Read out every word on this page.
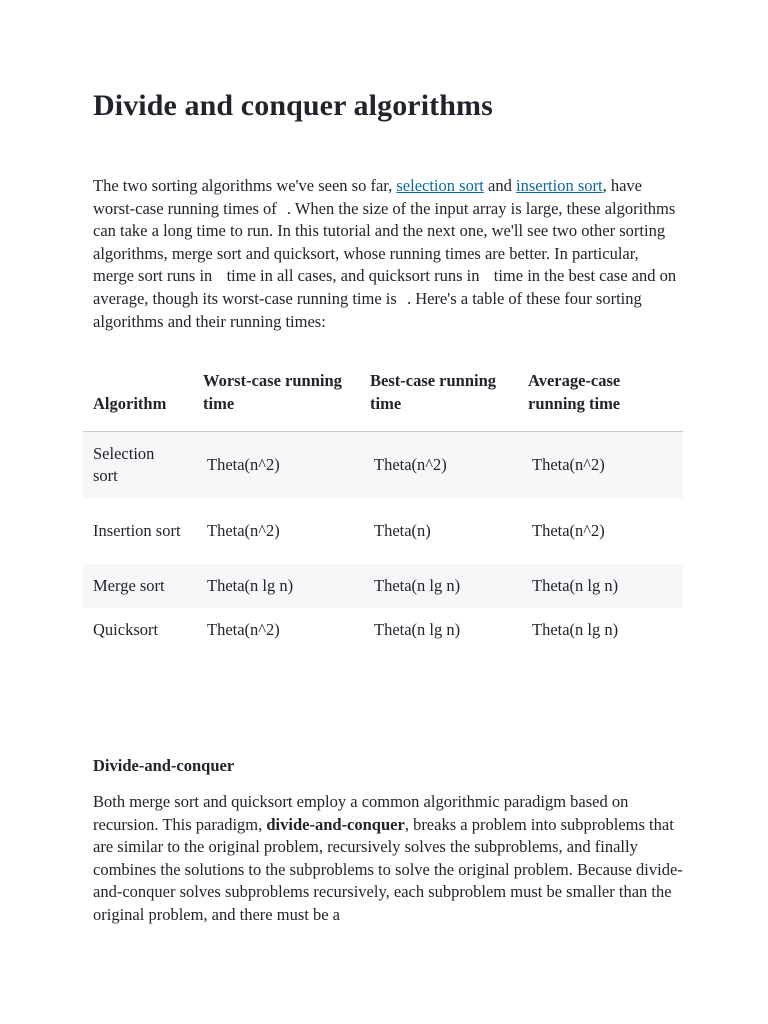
Divide and conquer algorithms

The two sorting algorithms we've seen so far, selection sort and insertion sort, have worst-case running times of . When the size of the input array is large, these algorithms can take a long time to run. In this tutorial and the next one, we'll see two other sorting algorithms, merge sort and quicksort, whose running times are better. In particular, merge sort runs in  time in all cases, and quicksort runs in  time in the best case and on average, though its worst-case running time is . Here's a table of these four sorting algorithms and their running times:

Algorithm	Worst-case running time	Best-case running time	Average-case running time
Selection sort	Theta(n^2)	Theta(n^2)	Theta(n^2)
Insertion sort	Theta(n^2)	Theta(n)	Theta(n^2)
Merge sort	Theta(n lg n)	Theta(n lg n)	Theta(n lg n)
Quicksort	Theta(n^2)	Theta(n lg n)	Theta(n lg n)
Divide-and-conquer

Both merge sort and quicksort employ a common algorithmic paradigm based on recursion. This paradigm, divide-and-conquer, breaks a problem into subproblems that are similar to the original problem, recursively solves the subproblems, and finally combines the solutions to the subproblems to solve the original problem. Because divide-and-conquer solves subproblems recursively, each subproblem must be smaller than the original problem, and there must be a
